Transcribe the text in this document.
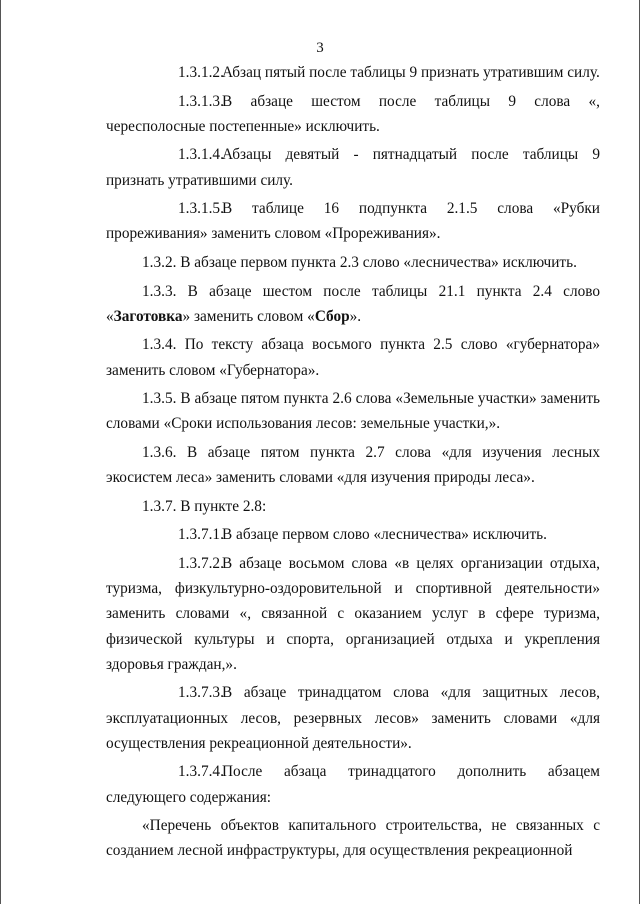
3

1.3.1.2.Абзац пятый после таблицы 9 признать утратившим силу.

1.3.1.3.В абзаце шестом после таблицы 9 слова «, чересполосные постепенные» исключить.

1.3.1.4.Абзацы девятый - пятнадцатый после таблицы 9 признать утратившими силу.

1.3.1.5.В таблице 16 подпункта 2.1.5 слова «Рубки прореживания» заменить словом «Прореживания».

1.3.2. В абзаце первом пункта 2.3 слово «лесничества» исключить.

1.3.3. В абзаце шестом после таблицы 21.1 пункта 2.4 слово «Заготовка» заменить словом «Сбор».

1.3.4. По тексту абзаца восьмого пункта 2.5 слово «губернатора» заменить словом «Губернатора».

1.3.5. В абзаце пятом пункта 2.6 слова «Земельные участки» заменить словами «Сроки использования лесов: земельные участки,».

1.3.6. В абзаце пятом пункта 2.7 слова «для изучения лесных экосистем леса» заменить словами «для изучения природы леса».

1.3.7. В пункте 2.8:

1.3.7.1.В абзаце первом слово «лесничества» исключить.

1.3.7.2.В абзаце восьмом слова «в целях организации отдыха, туризма, физкультурно-оздоровительной и спортивной деятельности» заменить словами «, связанной с оказанием услуг в сфере туризма, физической культуры и спорта, организацией отдыха и укрепления здоровья граждан,».

1.3.7.3.В абзаце тринадцатом слова «для защитных лесов, эксплуатационных лесов, резервных лесов» заменить словами «для осуществления рекреационной деятельности».

1.3.7.4.После абзаца тринадцатого дополнить абзацем следующего содержания:

«Перечень объектов капитального строительства, не связанных с созданием лесной инфраструктуры, для осуществления рекреационной
